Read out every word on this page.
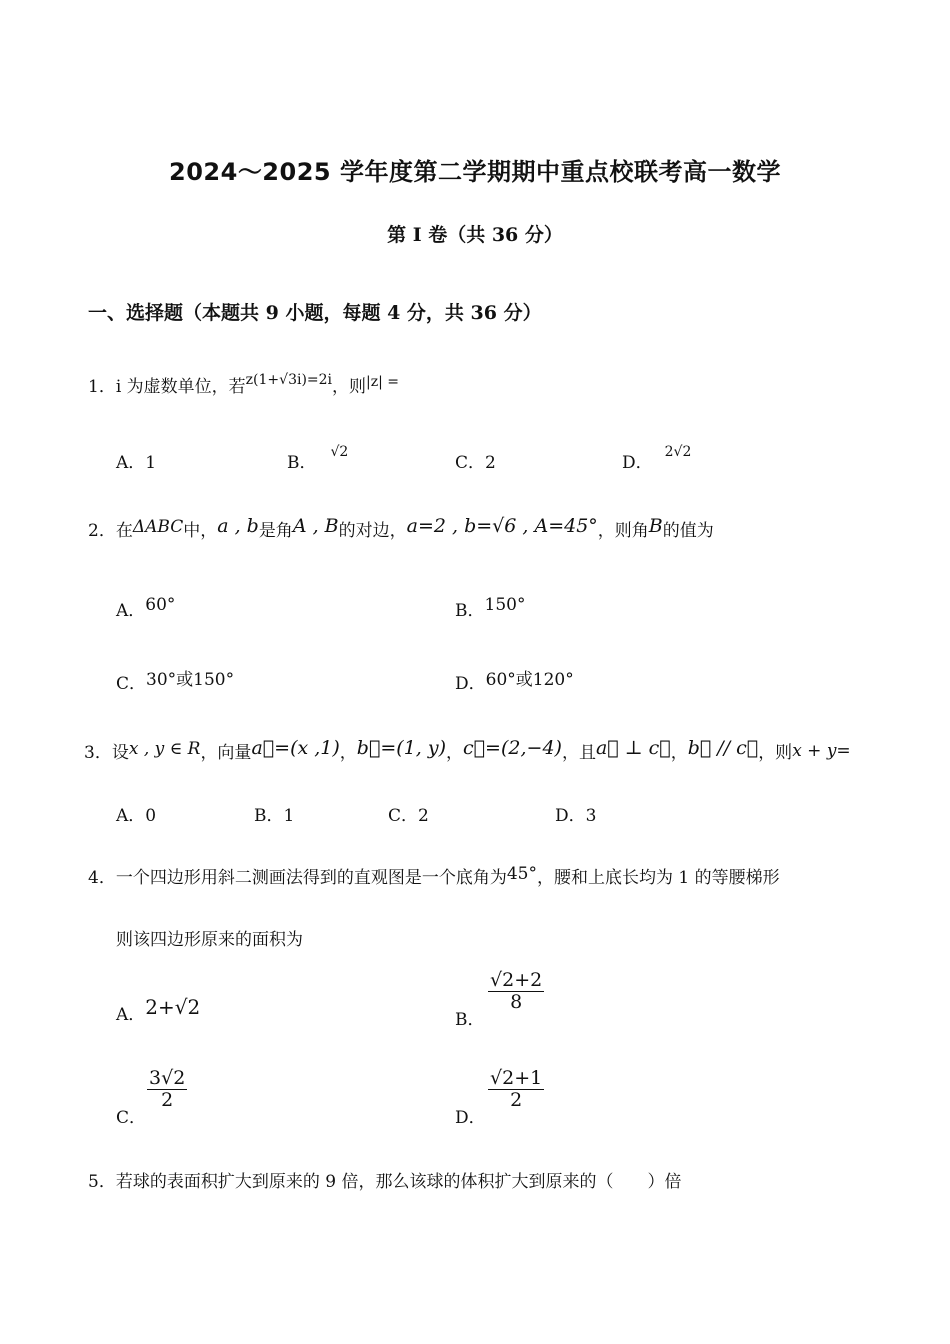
2024～2025 学年度第二学期期中重点校联考高一数学
第 I 卷（共 36 分）
一、选择题（本题共 9 小题，每题 4 分，共 36 分）
1．i 为虚数单位，若$^{z(1+√3i)=2i}$，则$^{|z| =}$
A．1	B．$^{√2}$
C．2	D．$^{2√2}$
2．在ΔABC中，a , b是角A , B的对边，a=2 , b=√6 , A=45°，则角B的值为
A．60°	B．150°
C．30°或150°	D．60°或120°
3．设x , y ∈ R，向量a⃗=(x ,1)，b⃗=(1, y)，c⃗=(2,−4)，且a⃗ ⊥ c⃗，b⃗ // c⃗，则x + y=
A．0	B．1	C．2	D．3
4．一个四边形用斜二测画法得到的直观图是一个底角为45°，腰和上底长均为 1 的等腰梯形
则该四边形原来的面积为
A．2+√2
B．
$\frac{√2+2}{8}$
C．
$\frac{3√2}{2}$
D．
$\frac{√2+1}{2}$
5．若球的表面积扩大到原来的 9 倍，那么该球的体积扩大到原来的（　　）倍
